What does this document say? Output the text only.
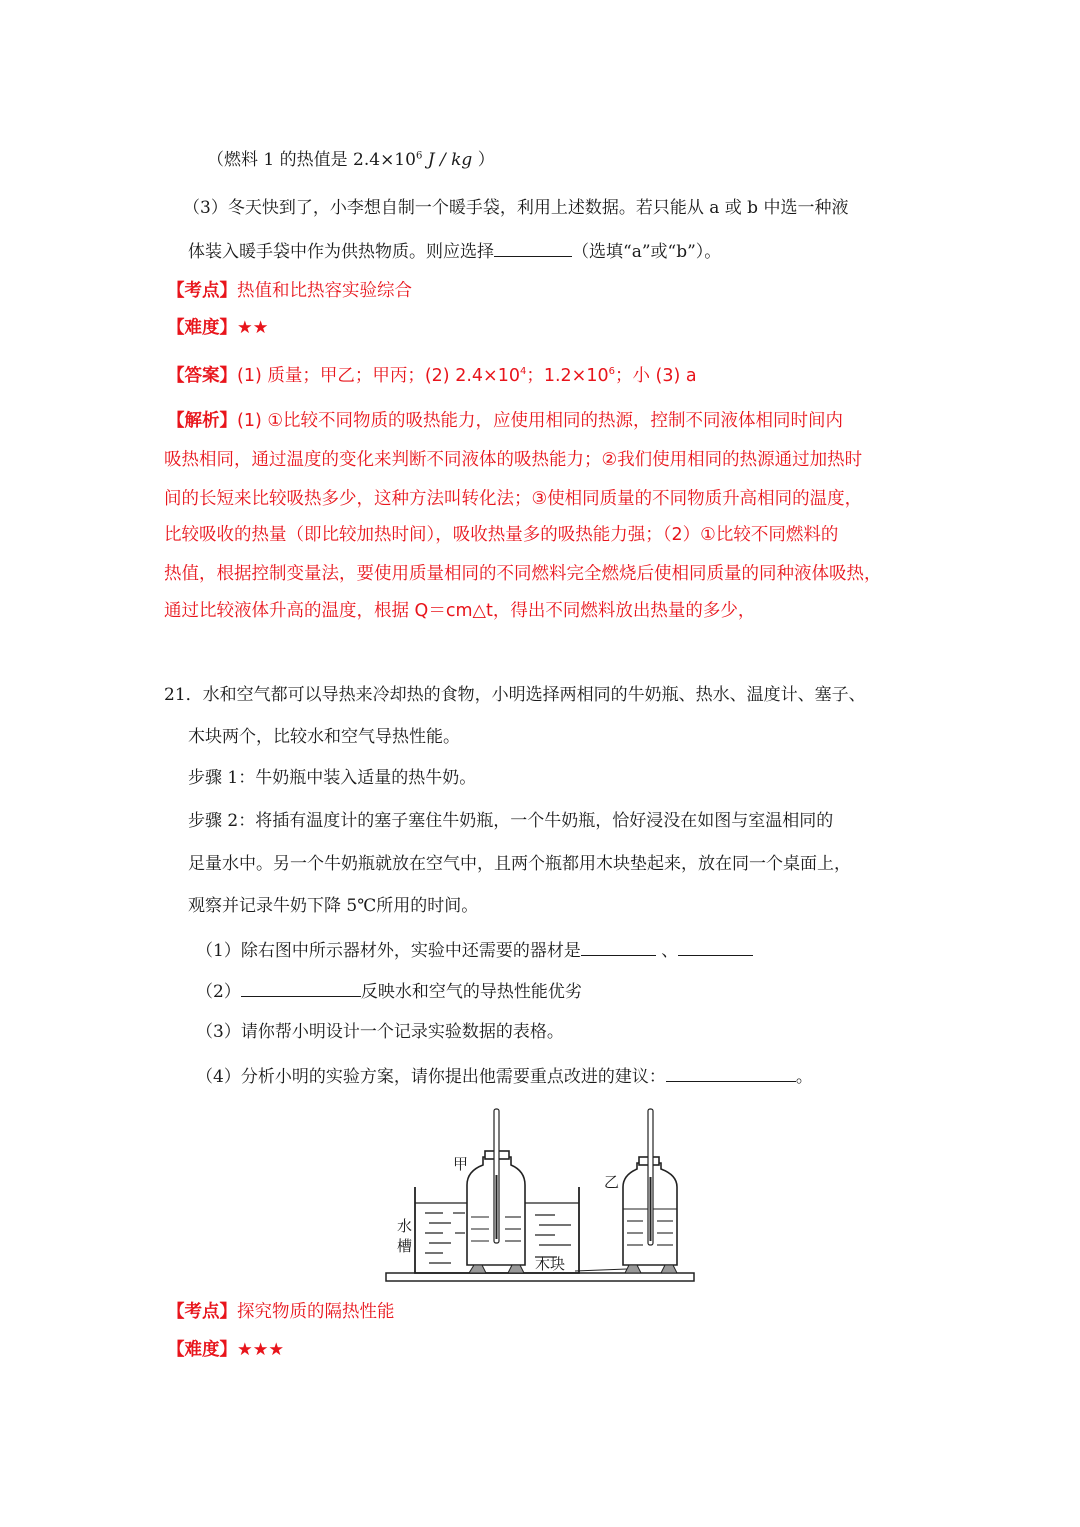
（燃料 1 的热值是 $2.4\times 10^6$ J / kg ）
（3）冬天快到了，小李想自制一个暖手袋，利用上述数据。若只能从 a 或 b 中选一种液
体装入暖手袋中作为供热物质。则应选择	（选填“a”或“b”）。
【考点】热值和比热容实验综合
【难度】★★
【答案】(1) 质量；甲乙；甲丙；(2) $2.4\times 10^4$；$1.2\times 10^6$；小 (3) a
【解析】(1) ①比较不同物质的吸热能力，应使用相同的热源，控制不同液体相同时间内
吸热相同，通过温度的变化来判断不同液体的吸热能力；②我们使用相同的热源通过加热时
间的长短来比较吸热多少，这种方法叫转化法；③使相同质量的不同物质升高相同的温度，
比较吸收的热量（即比较加热时间），吸收热量多的吸热能力强；（2）①比较不同燃料的
热值，根据控制变量法，要使用质量相同的不同燃料完全燃烧后使相同质量的同种液体吸热，
通过比较液体升高的温度，根据 Q＝cm△t，得出不同燃料放出热量的多少，
21．水和空气都可以导热来冷却热的食物，小明选择两相同的牛奶瓶、热水、温度计、塞子、
木块两个，比较水和空气导热性能。
步骤 1：牛奶瓶中装入适量的热牛奶。
步骤 2：将插有温度计的塞子塞住牛奶瓶，一个牛奶瓶，恰好浸没在如图与室温相同的
足量水中。另一个牛奶瓶就放在空气中，且两个瓶都用木块垫起来，放在同一个桌面上，
观察并记录牛奶下降 5℃所用的时间。
（1）除右图中所示器材外，实验中还需要的器材是	、
（2）	反映水和空气的导热性能优劣
（3）请你帮小明设计一个记录实验数据的表格。
（4）分析小明的实验方案，请你提出他需要重点改进的建议：	。
甲
乙
水
槽
木块
【考点】探究物质的隔热性能
【难度】★★★
